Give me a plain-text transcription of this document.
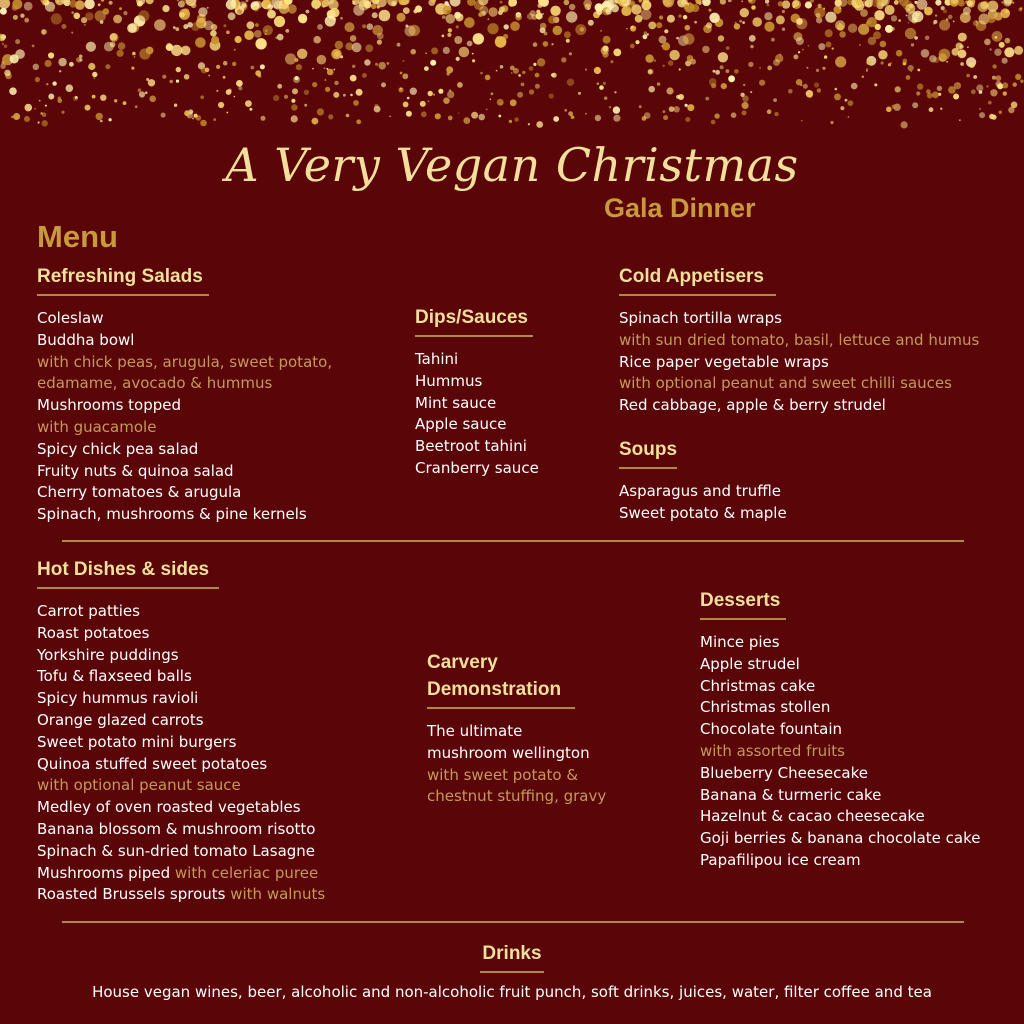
A Very Vegan Christmas
Gala Dinner
Menu
Refreshing Salads
Coleslaw
Buddha bowl
with chick peas, arugula, sweet potato,
edamame, avocado & hummus
Mushrooms topped
with guacamole
Spicy chick pea salad
Fruity nuts & quinoa salad
Cherry tomatoes & arugula
Spinach, mushrooms & pine kernels
Dips/Sauces
Tahini
Hummus
Mint sauce
Apple sauce
Beetroot tahini
Cranberry sauce
Cold Appetisers
Spinach tortilla wraps
with sun dried tomato, basil, lettuce and humus
Rice paper vegetable wraps
with optional peanut and sweet chilli sauces
Red cabbage, apple & berry strudel
Soups
Asparagus and truffle
Sweet potato & maple
Hot Dishes & sides
Carrot patties
Roast potatoes
Yorkshire puddings
Tofu & flaxseed balls
Spicy hummus ravioli
Orange glazed carrots
Sweet potato mini burgers
Quinoa stuffed sweet potatoes
with optional peanut sauce
Medley of oven roasted vegetables
Banana blossom & mushroom risotto
Spinach & sun-dried tomato Lasagne
Mushrooms piped with celeriac puree
Roasted Brussels sprouts with walnuts
Carvery
Demonstration
The ultimate
mushroom wellington
with sweet potato &
chestnut stuffing, gravy
Desserts
Mince pies
Apple strudel
Christmas cake
Christmas stollen
Chocolate fountain
with assorted fruits
Blueberry Cheesecake
Banana & turmeric cake
Hazelnut & cacao cheesecake
Goji berries & banana chocolate cake
Papafilipou ice cream
Drinks
House vegan wines, beer, alcoholic and non-alcoholic fruit punch, soft drinks, juices, water, filter coffee and tea
